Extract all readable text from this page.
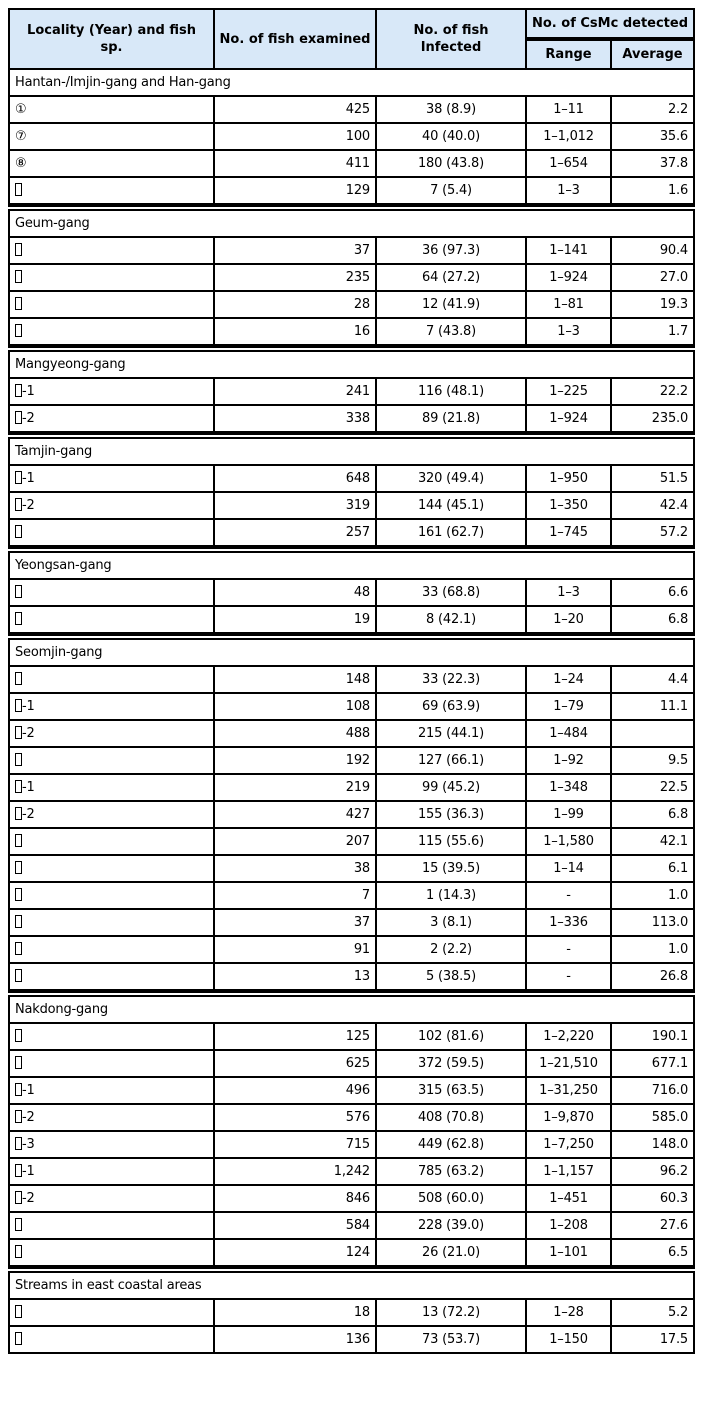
Locality (Year) and fish sp.	No. of fish examined	No. of fish Infected	No. of CsMc detected	

			Range	Average
Hantan-/Imjin-gang and Han-gang				
①	425	38 (8.9)	1–11	2.2
⑦	100	40 (40.0)	1–1,012	35.6
⑧	411	180 (43.8)	1–654	37.8
	129	7 (5.4)	1–3	1.6

Geum-gang				
	37	36 (97.3)	1–141	90.4
	235	64 (27.2)	1–924	27.0
	28	12 (41.9)	1–81	19.3
	16	7 (43.8)	1–3	1.7

Mangyeong-gang				
-1	241	116 (48.1)	1–225	22.2
-2	338	89 (21.8)	1–924	235.0

Tamjin-gang				
-1	648	320 (49.4)	1–950	51.5
-2	319	144 (45.1)	1–350	42.4
	257	161 (62.7)	1–745	57.2

Yeongsan-gang				
	48	33 (68.8)	1–3	6.6
	19	8 (42.1)	1–20	6.8

Seomjin-gang				
	148	33 (22.3)	1–24	4.4
-1	108	69 (63.9)	1–79	11.1
-2	488	215 (44.1)	1–484	
	192	127 (66.1)	1–92	9.5
-1	219	99 (45.2)	1–348	22.5
-2	427	155 (36.3)	1–99	6.8
	207	115 (55.6)	1–1,580	42.1
	38	15 (39.5)	1–14	6.1
	7	1 (14.3)	-	1.0
	37	3 (8.1)	1–336	113.0
	91	2 (2.2)	-	1.0
	13	5 (38.5)	-	26.8

Nakdong-gang				
	125	102 (81.6)	1–2,220	190.1
	625	372 (59.5)	1–21,510	677.1
-1	496	315 (63.5)	1–31,250	716.0
-2	576	408 (70.8)	1–9,870	585.0
-3	715	449 (62.8)	1–7,250	148.0
-1	1,242	785 (63.2)	1–1,157	96.2
-2	846	508 (60.0)	1–451	60.3
	584	228 (39.0)	1–208	27.6
	124	26 (21.0)	1–101	6.5

Streams in east coastal areas				
	18	13 (72.2)	1–28	5.2
	136	73 (53.7)	1–150	17.5
